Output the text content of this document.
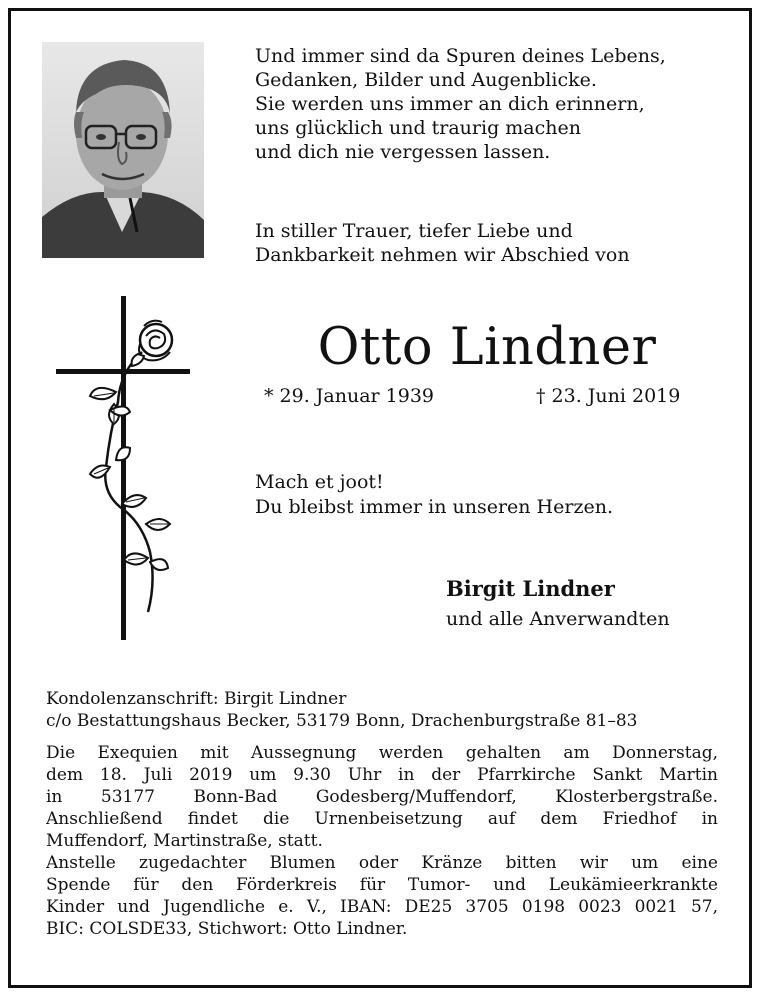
Und immer sind da Spuren deines Lebens,
Gedanken, Bilder und Augenblicke.
Sie werden uns immer an dich erinnern,
uns glücklich und traurig machen
und dich nie vergessen lassen.
In stiller Trauer, tiefer Liebe und
Dankbarkeit nehmen wir Abschied von
Otto Lindner
* 29. Januar 1939	† 23. Juni 2019
Mach et joot!
Du bleibst immer in unseren Herzen.
Birgit Lindner
und alle Anverwandten
Kondolenzanschrift: Birgit Lindner
c/o Bestattungshaus Becker, 53179 Bonn, Drachenburgstraße 81–83
Die Exequien mit Aussegnung werden gehalten am Donnerstag,
dem 18. Juli 2019 um 9.30 Uhr in der Pfarrkirche Sankt Martin
in 53177 Bonn-Bad Godesberg/Muffendorf, Klosterbergstraße.
Anschließend findet die Urnenbeisetzung auf dem Friedhof in
Muffendorf, Martinstraße, statt.
Anstelle zugedachter Blumen oder Kränze bitten wir um eine
Spende für den Förderkreis für Tumor- und Leukämieerkrankte
Kinder und Jugendliche e. V., IBAN: DE25 3705 0198 0023 0021 57,
BIC: COLSDE33, Stichwort: Otto Lindner.
